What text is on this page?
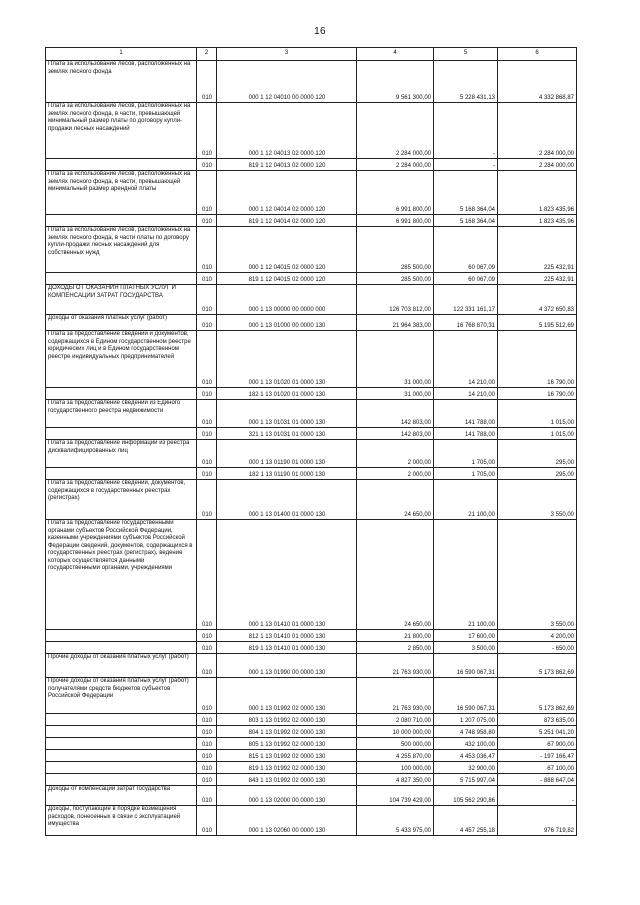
16
1	2	3	4	5	6
Плата за использование лесов, расположенных на землях лесного фонда	010	000 1 12 04010 00 0000 120	9 561 300,00	5 228 431,13	4 332 868,87
Плата за использование лесов, расположенных на землях лесного фонда, в части, превышающей минимальный размер платы по договору купли-продажи лесных насаждений	010	000 1 12 04013 02 0000 120	2 284 000,00	-	2 284 000,00
	010	819 1 12 04013 02 0000 120	2 284 000,00	-	2 284 000,00
Плата за использование лесов, расположенных на землях лесного фонда, в части, превышающей минимальный размер арендной платы	010	000 1 12 04014 02 0000 120	6 991 800,00	5 168 364,04	1 823 435,96
	010	819 1 12 04014 02 0000 120	6 991 800,00	5 168 364,04	1 823 435,96
Плата за использование лесов, расположенных на землях лесного фонда, в части платы по договору купли-продажи лесных насаждений для собственных нужд	010	000 1 12 04015 02 0000 120	285 500,00	60 067,09	225 432,91
	010	819 1 12 04015 02 0000 120	285 500,00	60 067,09	225 432,91
ДОХОДЫ ОТ ОКАЗАНИЯ ПЛАТНЫХ УСЛУГ И КОМПЕНСАЦИИ ЗАТРАТ ГОСУДАРСТВА	010	000 1 13 00000 00 0000 000	126 703 812,00	122 331 161,17	4 372 650,83
Доходы от оказания платных услуг (работ)	010	000 1 13 01000 00 0000 130	21 964 383,00	16 768 870,31	5 195 512,69
Плата за предоставление сведений и документов, содержащихся в Едином государственном реестре юридических лиц и в Едином государственном реестре индивидуальных предпринимателей	010	000 1 13 01020 01 0000 130	31 000,00	14 210,00	16 790,00
	010	182 1 13 01020 01 0000 130	31 000,00	14 210,00	16 790,00
Плата за предоставление сведений из Единого государственного реестра недвижимости	010	000 1 13 01031 01 0000 130	142 803,00	141 788,00	1 015,00
	010	321 1 13 01031 01 0000 130	142 803,00	141 788,00	1 015,00
Плата за предоставление информации из реестра дисквалифицированных лиц	010	000 1 13 01190 01 0000 130	2 000,00	1 705,00	295,00
	010	182 1 13 01190 01 0000 130	2 000,00	1 705,00	295,00
Плата за предоставление сведений, документов, содержащихся в государственных реестрах (регистрах)	010	000 1 13 01400 01 0000 130	24 650,00	21 100,00	3 550,00
Плата за предоставление государственными органами субъектов Российской Федерации, казенными учреждениями субъектов Российской Федерации сведений, документов, содержащихся в государственных реестрах (регистрах), ведение которых осуществляется данными государственными органами, учреждениями	010	000 1 13 01410 01 0000 130	24 650,00	21 100,00	3 550,00
	010	812 1 13 01410 01 0000 130	21 800,00	17 600,00	4 200,00
	010	819 1 13 01410 01 0000 130	2 850,00	3 500,00	- 650,00
Прочие доходы от оказания платных услуг (работ)	010	000 1 13 01990 00 0000 130	21 763 930,00	16 590 067,31	5 173 862,69
Прочие доходы от оказания платных услуг (работ) получателями средств бюджетов субъектов Российской Федерации	010	000 1 13 01992 02 0000 130	21 763 930,00	16 590 067,31	5 173 862,69
	010	803 1 13 01992 02 0000 130	2 080 710,00	1 207 075,00	873 635,00
	010	804 1 13 01992 02 0000 130	10 000 000,00	4 748 958,80	5 251 041,20
	010	805 1 13 01992 02 0000 130	500 000,00	432 100,00	67 900,00
	010	815 1 13 01992 02 0000 130	4 255 870,00	4 453 036,47	- 197 166,47
	010	819 1 13 01992 02 0000 130	100 000,00	32 900,00	67 100,00
	010	843 1 13 01992 02 0000 130	4 827 350,00	5 715 997,04	- 888 647,04
Доходы от компенсации затрат государства	010	000 1 13 02000 00 0000 130	104 739 429,00	105 562 290,86	-
Доходы, поступающие в порядке возмещения расходов, понесенных в связи с эксплуатацией имущества	010	000 1 13 02060 00 0000 130	5 433 975,00	4 457 255,18	976 719,82
